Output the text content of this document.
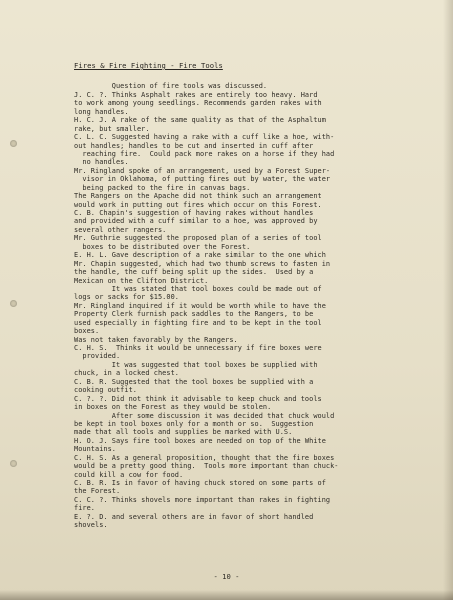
Fires & Fire Fighting - Fire Tools
Question of fire tools was discussed.
J. C. ?. Thinks Asphalt rakes are entirely too heavy. Hard
to work among young seedlings. Recommends garden rakes with
long handles.
H. C. J. A rake of the same quality as that of the Asphaltum
rake, but smaller.
C. L. C. Suggested having a rake with a cuff like a hoe, with-
out handles; handles to be cut and inserted in cuff after
reaching fire.  Could pack more rakes on a horse if they had
no handles.
Mr. Ringland spoke of an arrangement, used by a Forest Super-
visor in Oklahoma, of putting fires out by water, the water
being packed to the fire in canvas bags.
The Rangers on the Apache did not think such an arrangement
would work in putting out fires which occur on this Forest.
C. B. Chapin's suggestion of having rakes without handles
and provided with a cuff similar to a hoe, was approved by
several other rangers.
Mr. Guthrie suggested the proposed plan of a series of tool
boxes to be distributed over the Forest.
E. H. L. Gave description of a rake similar to the one which
Mr. Chapin suggested, which had two thumb screws to fasten in
the handle, the cuff being split up the sides.  Used by a
Mexican on the Clifton District.
It was stated that tool boxes could be made out of
logs or sacks for $15.00.
Mr. Ringland inquired if it would be worth while to have the
Property Clerk furnish pack saddles to the Rangers, to be
used especially in fighting fire and to be kept in the tool
boxes.
Was not taken favorably by the Rangers.
C. H. S.  Thinks it would be unnecessary if fire boxes were
provided.
It was suggested that tool boxes be supplied with
chuck, in a locked chest.
C. B. R. Suggested that the tool boxes be supplied with a
cooking outfit.
C. ?. ?. Did not think it advisable to keep chuck and tools
in boxes on the Forest as they would be stolen.
After some discussion it was decided that chuck would
be kept in tool boxes only for a month or so.  Suggestion
made that all tools and supplies be marked with U.S.
H. O. J. Says fire tool boxes are needed on top of the White
Mountains.
C. H. S. As a general proposition, thought that the fire boxes
would be a pretty good thing.  Tools more important than chuck-
could kill a cow for food.
C. B. R. Is in favor of having chuck stored on some parts of
the Forest.
C. C. ?. Thinks shovels more important than rakes in fighting
fire.
E. ?. D. and several others are in favor of short handled
shovels.
- 10 -
